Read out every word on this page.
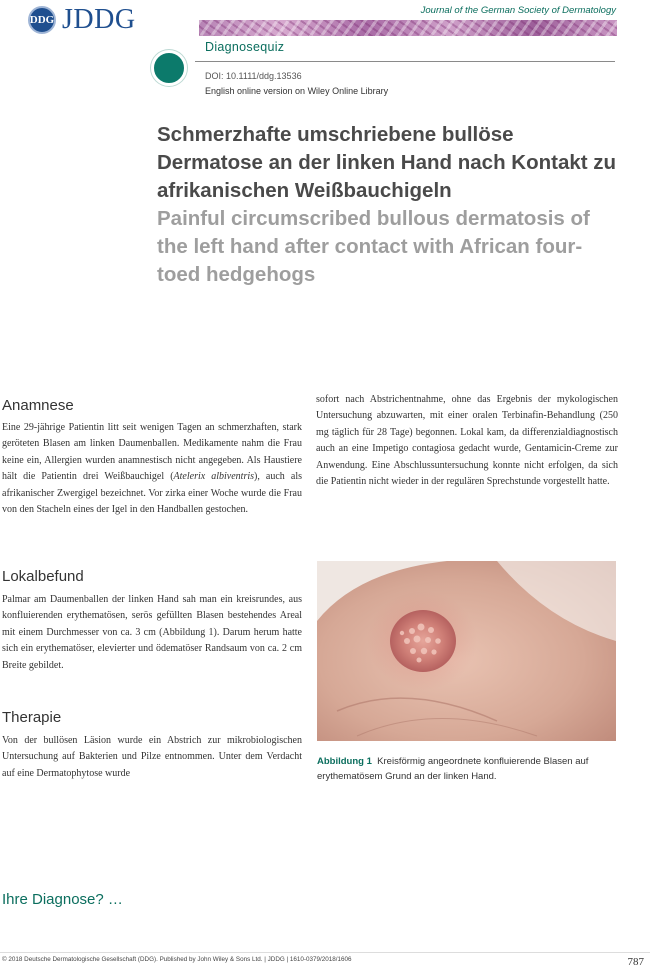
DDG JDDG	Journal of the German Society of Dermatology
Diagnosequiz
DOI: 10.1111/ddg.13536
English online version on Wiley Online Library
Schmerzhafte umschriebene bullöse Dermatose an der linken Hand nach Kontakt zu afrikanischen Weißbauchigeln
Painful circumscribed bullous dermatosis of the left hand after contact with African four-toed hedgehogs
Anamnese
Eine 29-jährige Patientin litt seit wenigen Tagen an schmerzhaften, stark geröteten Blasen am linken Daumenballen. Medikamente nahm die Frau keine ein, Allergien wurden anamnestisch nicht angegeben. Als Haustiere hält die Patientin drei Weißbauchigel (Atelerix albiventris), auch als afrikanischer Zwergigel bezeichnet. Vor zirka einer Woche wurde die Frau von den Stacheln eines der Igel in den Handballen gestochen.
Lokalbefund
Palmar am Daumenballen der linken Hand sah man ein kreisrundes, aus konfluierenden erythematösen, serös gefüllten Blasen bestehendes Areal mit einem Durchmesser von ca. 3 cm (Abbildung 1). Darum herum hatte sich ein erythematöser, elevierter und ödematöser Randsaum von ca. 2 cm Breite gebildet.
Therapie
Von der bullösen Läsion wurde ein Abstrich zur mikrobiologischen Untersuchung auf Bakterien und Pilze entnommen. Unter dem Verdacht auf eine Dermatophytose wurde
sofort nach Abstrichentnahme, ohne das Ergebnis der mykologischen Untersuchung abzuwarten, mit einer oralen Terbinafin-Behandlung (250 mg täglich für 28 Tage) begonnen. Lokal kam, da differenzialdiagnostisch auch an eine Impetigo contagiosa gedacht wurde, Gentamicin-Creme zur Anwendung. Eine Abschlussuntersuchung konnte nicht erfolgen, da sich die Patientin nicht wieder in der regulären Sprechstunde vorgestellt hatte.
Abbildung 1 Kreisförmig angeordnete konfluierende Blasen auf erythematösem Grund an der linken Hand.
Ihre Diagnose? …
© 2018 Deutsche Dermatologische Gesellschaft (DDG). Published by John Wiley & Sons Ltd. | JDDG | 1610-0379/2018/1606	787
